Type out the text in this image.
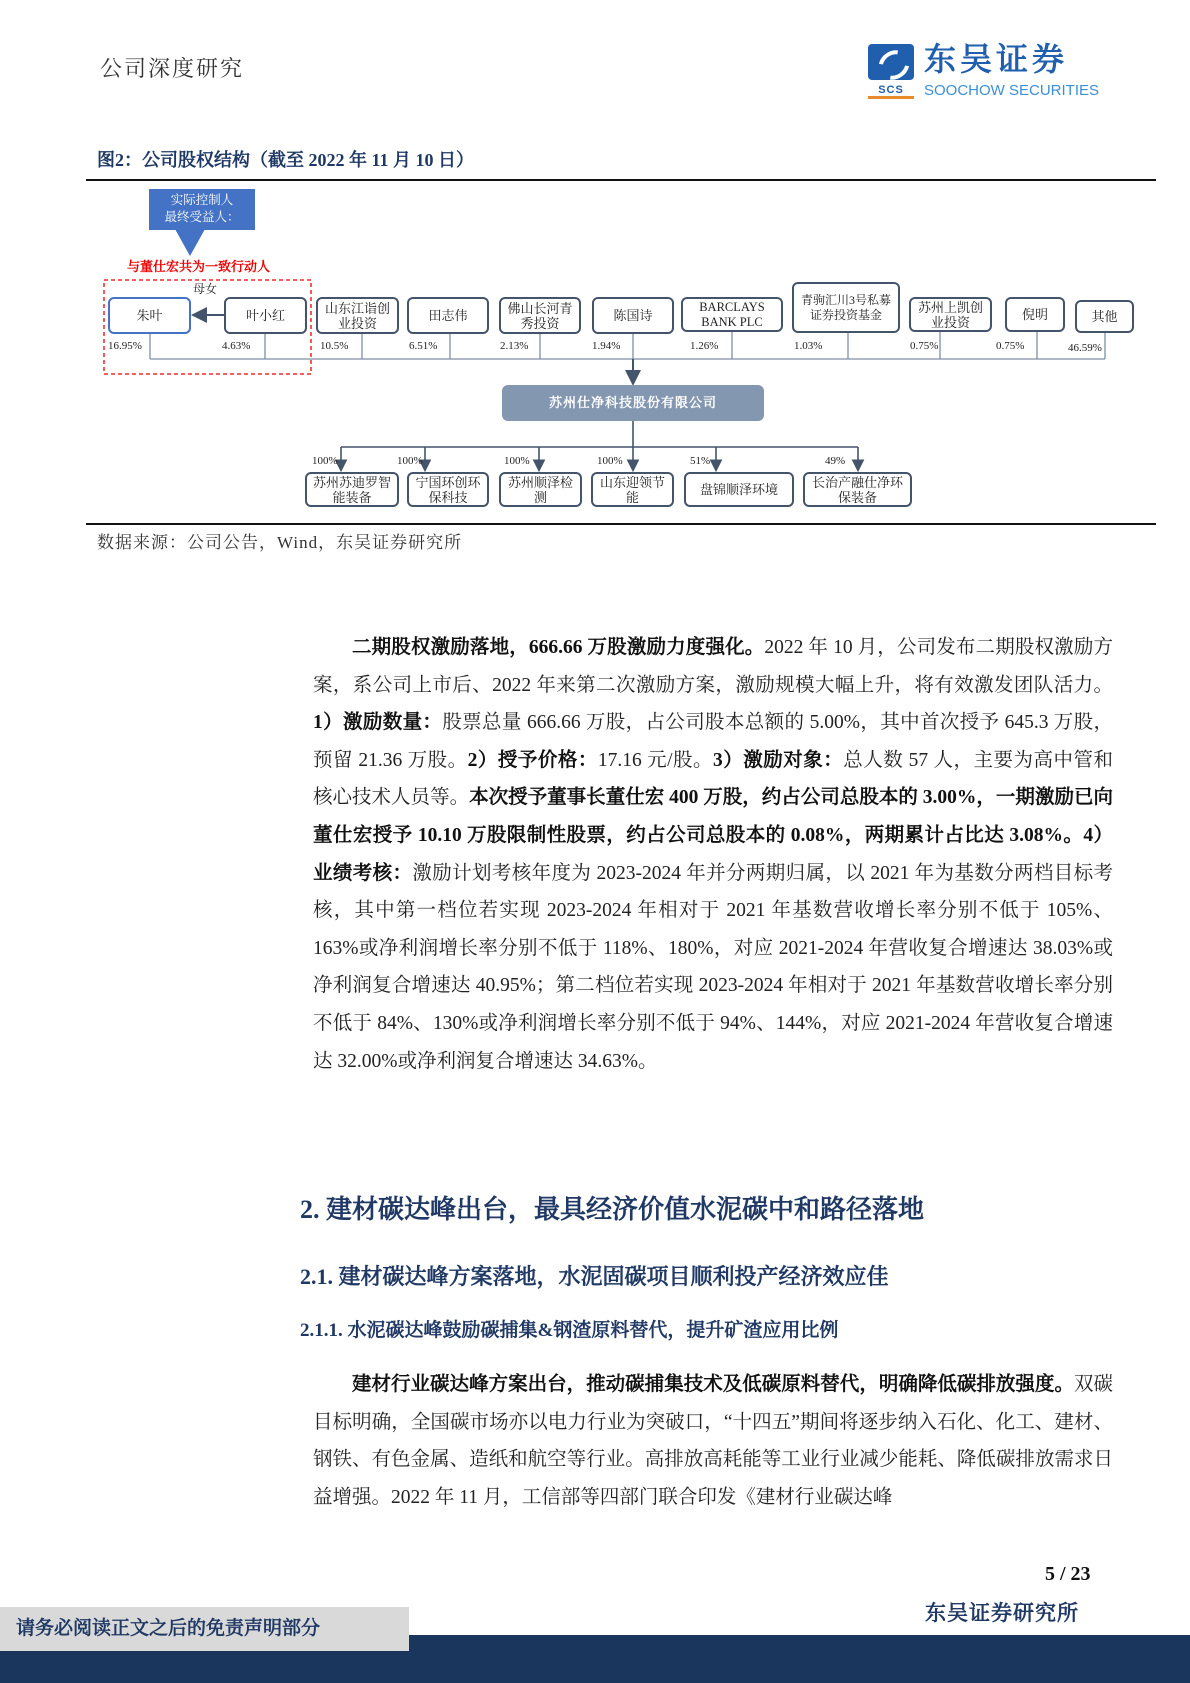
公司深度研究
SCS
东吴证券
SOOCHOW SECURITIES
图2：公司股权结构（截至 2022 年 11 月 10 日）
实际控制人
最终受益人：
与董仕宏共为一致行动人
母女
朱叶	叶小红	山东江诣创业投资	田志伟	佛山长河青秀投资	陈国诗
BARCLAYS BANK PLC
青驹汇川3号私募证券投资基金	苏州上凯创业投资	倪明	其他
16.95%	4.63%	10.5%	6.51%	2.13%	1.94%	1.26%	1.03%	0.75%	0.75%	46.59%
苏州仕净科技股份有限公司
100%	100%	100%	100%	51%	49%
苏州苏迪罗智能装备
宁国环创环保科技
苏州顺泽检测
山东迎领节能	盘锦顺泽环境	长治产融仕净环保装备
数据来源：公司公告，Wind，东吴证券研究所
二期股权激励落地，666.66 万股激励力度强化。2022 年 10 月，公司发布二期股权激励方案，系公司上市后、2022 年来第二次激励方案，激励规模大幅上升，将有效激发团队活力。1）激励数量：股票总量 666.66 万股，占公司股本总额的 5.00%，其中首次授予 645.3 万股，预留 21.36 万股。2）授予价格：17.16 元/股。3）激励对象：总人数 57 人，主要为高中管和核心技术人员等。本次授予董事长董仕宏 400 万股，约占公司总股本的 3.00%，一期激励已向董仕宏授予 10.10 万股限制性股票，约占公司总股本的 0.08%，两期累计占比达 3.08%。4）业绩考核：激励计划考核年度为 2023-2024 年并分两期归属，以 2021 年为基数分两档目标考核，其中第一档位若实现 2023-2024 年相对于 2021 年基数营收增长率分别不低于 105%、163%或净利润增长率分别不低于 118%、180%，对应 2021-2024 年营收复合增速达 38.03%或净利润复合增速达 40.95%；第二档位若实现 2023-2024 年相对于 2021 年基数营收增长率分别不低于 84%、130%或净利润增长率分别不低于 94%、144%，对应 2021-2024 年营收复合增速达 32.00%或净利润复合增速达 34.63%。
2. 建材碳达峰出台，最具经济价值水泥碳中和路径落地
2.1. 建材碳达峰方案落地，水泥固碳项目顺利投产经济效应佳
2.1.1. 水泥碳达峰鼓励碳捕集&钢渣原料替代，提升矿渣应用比例
建材行业碳达峰方案出台，推动碳捕集技术及低碳原料替代，明确降低碳排放强度。双碳目标明确，全国碳市场亦以电力行业为突破口，“十四五”期间将逐步纳入石化、化工、建材、钢铁、有色金属、造纸和航空等行业。高排放高耗能等工业行业减少能耗、降低碳排放需求日益增强。2022 年 11 月，工信部等四部门联合印发《建材行业碳达峰
5 / 23
东吴证券研究所
请务必阅读正文之后的免责声明部分
